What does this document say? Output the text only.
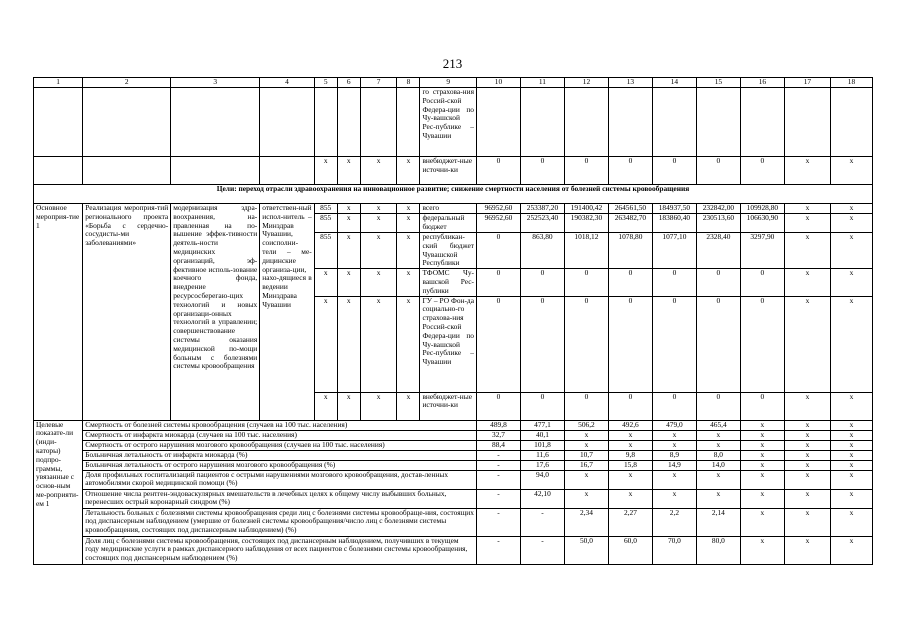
213
1	2	3	4	5	6	7	8	9	10	11	12	13	14	15	16	17	18
								го страхова-ния Россий-ской Федера-ции по Чу-вашской Рес-публике – Чувашии									
				х	х	х	х	внебюджет-ные источни-ки	0	0	0	0	0	0	0	х	х
Цели: переход отрасли здравоохранения на инновационное развитие; снижение смертности населения от болезней системы кровообращения																	
Основное мероприя-тие 1	Реализация мероприя-тий регионального проекта «Борьба с сердечно-сосудисты-ми заболеваниями»	модернизация здра-воохранения, на-правленная на по-вышение эффек-тивности деятель-ности медицинских организаций, эф-фективное исполь-зование коечного фонда, внедрение ресурсосберегаю-щих технологий и новых организаци-онных технологий в управлении; совершенствование системы оказания медицинской по-мощи больным с болезнями системы кровообращения	ответствен-ный испол-нитель – Минздрав Чувашии, соисполни-тели – ме-дицинские организа-ции, нахо-дящиеся в ведении Минздрава Чувашии	855	х	х	х	всего	96952,60	253387,20	191400,42	264561,50	184937,50	232842,00	109928,80	х	х
				855	х	х	х	федеральный бюджет	96952,60	252523,40	190382,30	263482,70	183860,40	230513,60	106630,90	х	х
				855	х	х	х	республикан-ский бюджет Чувашской Республики	0	863,80	1018,12	1078,80	1077,10	2328,40	3297,90	х	х
				х	х	х	х	ТФОМС Чу-вашской Рес-публики	0	0	0	0	0	0	0	х	х
				х	х	х	х	ГУ – РО Фон-да социально-го страхова-ния Россий-ской Федера-ции по Чу-вашской Рес-публике – Чувашии	0	0	0	0	0	0	0	х	х
				х	х	х	х	внебюджет-ные источни-ки	0	0	0	0	0	0	0	х	х
Целевые показате-ли (инди-каторы) подпро-граммы, увязанные с основ-ным ме-роприяти-ем 1	Смертность от болезней системы кровообращения (случаев на 100 тыс. населения)								489,8	477,1	506,2	492,6	479,0	465,4	х	х	х
	Смертность от инфаркта миокарда (случаев на 100 тыс. населения)								32,7	40,1	х	х	х	х	х	х	х
	Смертность от острого нарушения мозгового кровообращения (случаев на 100 тыс. населения)								88,4	101,8	х	х	х	х	х	х	х
	Больничная летальность от инфаркта миокарда (%)								-	11,6	10,7	9,8	8,9	8,0	х	х	х
	Больничная летальность от острого нарушения мозгового кровообращения (%)								-	17,6	16,7	15,8	14,9	14,0	х	х	х
	Доля профильных госпитализаций пациентов с острыми нарушениями мозгового кровообращения, достав-ленных автомобилями скорой медицинской помощи (%)								-	94,0	х	х	х	х	х	х	х
	Отношение числа рентген-эндоваскулярных вмешательств в лечебных целях к общему числу выбывших больных, перенесших острый коронарный синдром (%)								-	42,10	х	х	х	х	х	х	х
	Летальность больных с болезнями системы кровообращения среди лиц с болезнями системы кровообраще-ния, состоящих под диспансерным наблюдением (умершие от болезней системы кровообращения/число лиц с болезнями системы кровообращения, состоящих под диспансерным наблюдением) (%)								-	-	2,34	2,27	2,2	2,14	х	х	х
	Доля лиц с болезнями системы кровообращения, состоящих под диспансерным наблюдением, получивших в текущем году медицинские услуги в рамках диспансерного наблюдения от всех пациентов с болезнями системы кровообращения, состоящих под диспансерным наблюдением (%)								-	-	50,0	60,0	70,0	80,0	х	х	х
